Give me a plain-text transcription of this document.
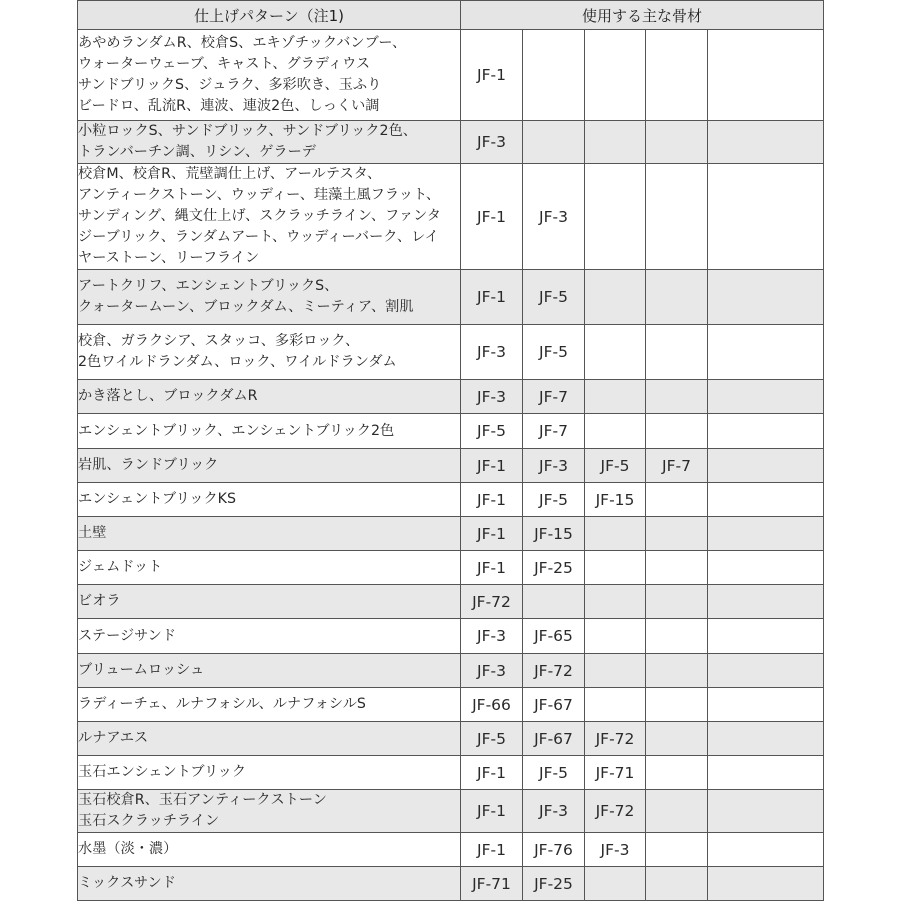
仕上げパターン（注1)	使用する主な骨材				

あやめランダムR、校倉S、エキゾチックバンブー、
ウォーターウェーブ、キャスト、グラディウス
サンドブリックS、ジュラク、多彩吹き、玉ふり
ビードロ、乱流R、連波、連波2色、しっくい調	JF-1				

小粒ロックS、サンドブリック、サンドブリック2色、
トランバーチン調、リシン、ゲラーデ	JF-3				

校倉M、校倉R、荒壁調仕上げ、アールテスタ、
アンティークストーン、ウッディー、珪藻土風フラット、
サンディング、縄文仕上げ、スクラッチライン、ファンタ
ジーブリック、ランダムアート、ウッディーバーク、レイ
ヤーストーン、リーフライン	JF-1	JF-3			

アートクリフ、エンシェントブリックS、
クォータームーン、ブロックダム、ミーティア、割肌	JF-1	JF-5			

校倉、ガラクシア、スタッコ、多彩ロック、
2色ワイルドランダム、ロック、ワイルドランダム	JF-3	JF-5			

かき落とし、ブロックダムR	JF-3	JF-7			

エンシェントブリック、エンシェントブリック2色	JF-5	JF-7			

岩肌、ランドブリック	JF-1	JF-3	JF-5	JF-7	

エンシェントブリックKS	JF-1	JF-5	JF-15		

土壁	JF-1	JF-15			

ジェムドット	JF-1	JF-25			

ビオラ	JF-72				

ステージサンド	JF-3	JF-65			

ブリュームロッシュ	JF-3	JF-72			

ラディーチェ、ルナフォシル、ルナフォシルS	JF-66	JF-67			

ルナアエス	JF-5	JF-67	JF-72		

玉石エンシェントブリック	JF-1	JF-5	JF-71		

玉石校倉R、玉石アンティークストーン
玉石スクラッチライン	JF-1	JF-3	JF-72		

水墨（淡・濃）	JF-1	JF-76	JF-3		

ミックスサンド	JF-71	JF-25			
